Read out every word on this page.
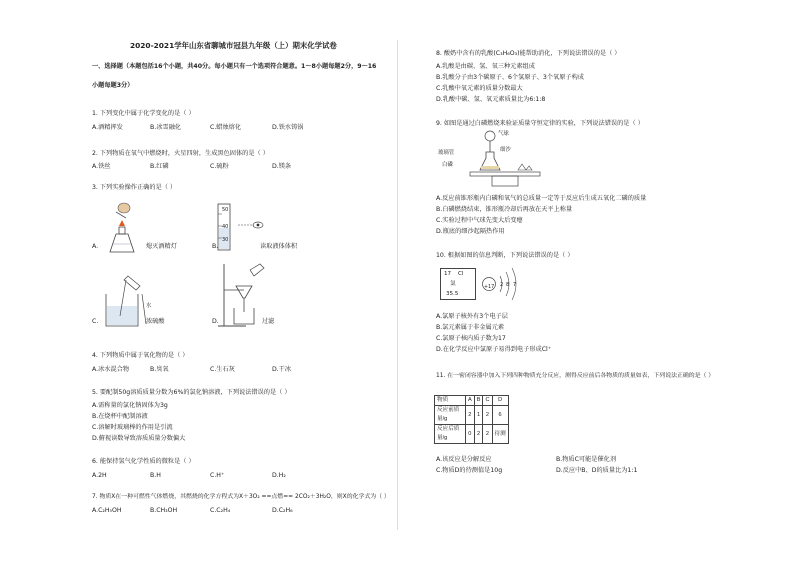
2020-2021学年山东省聊城市冠县九年级（上）期末化学试卷
一、选择题（本题包括16个小题，共40分。每小题只有一个选项符合题意。1～8小题每题2分，9～16
小题每题3分）
1. 下列变化中属于化学变化的是（ ）
A.酒精挥发	B.冰雪融化	C.蜡烛熔化	D.铁水铸锅
2. 下列物质在氧气中燃烧时，火星四射，生成黑色固体的是（ ）
A.铁丝	B.红磷	C.硫粉	D.镁条
3. 下列实验操作正确的是（ ）
A.	熄灭酒精灯
50
40
30
B.	读取液体体积
水
C.	浓硫酸	D.	过滤
4. 下列物质中属于氧化物的是（ ）
A.冰水混合物	B.臭氧	C.生石灰	D.干冰
5. 要配制50g溶质质量分数为6%的氯化钠溶液，下列说法错误的是（ ）
A.需称量的氯化钠固体为3g
B.在烧杯中配制溶液
C.溶解时玻璃棒的作用是引流
D.俯视读数导致溶质质量分数偏大
6. 能保持氢气化学性质的微粒是（ ）
A.2H	B.H	C.H⁺	D.H₂
7. 物质X在一种可燃性气体燃烧，其燃烧的化学方程式为X＋3O₂ ==点燃== 2CO₂＋3H₂O，则X的化学式为（ ）
A.C₂H₅OH	B.CH₃OH	C.C₂H₄	D.C₂H₆
8. 酸奶中含有的乳酸(C₃H₆O₃)能帮助消化，下列说法错误的是（ ）
A.乳酸是由碳、氢、氧三种元素组成
B.乳酸分子由3个碳原子、6个氢原子、3个氧原子构成
C.乳酸中氧元素的质量分数最大
D.乳酸中碳、氢、氧元素质量比为6:1:8
9. 如图是通过白磷燃烧来验证质量守恒定律的实验，下列说法错误的是（ ）
气球
细沙
玻璃管
白磷
A.反应前锥形瓶内白磷和氧气的总质量一定等于反应后生成五氧化二磷的质量
B.白磷燃烧结束，锥形瓶冷却后再放在天平上称量
C.实验过程中气球先变大后变瘪
D.瓶底的细沙起隔热作用
10. 根据如图的信息判断，下列说法错误的是（ ）
17 Cl
氯
35.5
+17 2 8 7
A.氯原子核外有3个电子层
B.氯元素属于非金属元素
C.氯原子核内质子数为17
D.在化学反应中氯原子易得到电子形成Cl⁺
11. 在一密闭容器中加入下列四种物质充分反应，测得反应前后各物质的质量如表，下列说法正确的是（ ）
物质	A	B	C	D
反应前质量/g	2	1	2	6
反应后质量/g	0	2	2	待测
A.该反应是分解反应	B.物质C可能是催化剂
C.物质D的待测值是10g	D.反应中B、D的质量比为1:1
